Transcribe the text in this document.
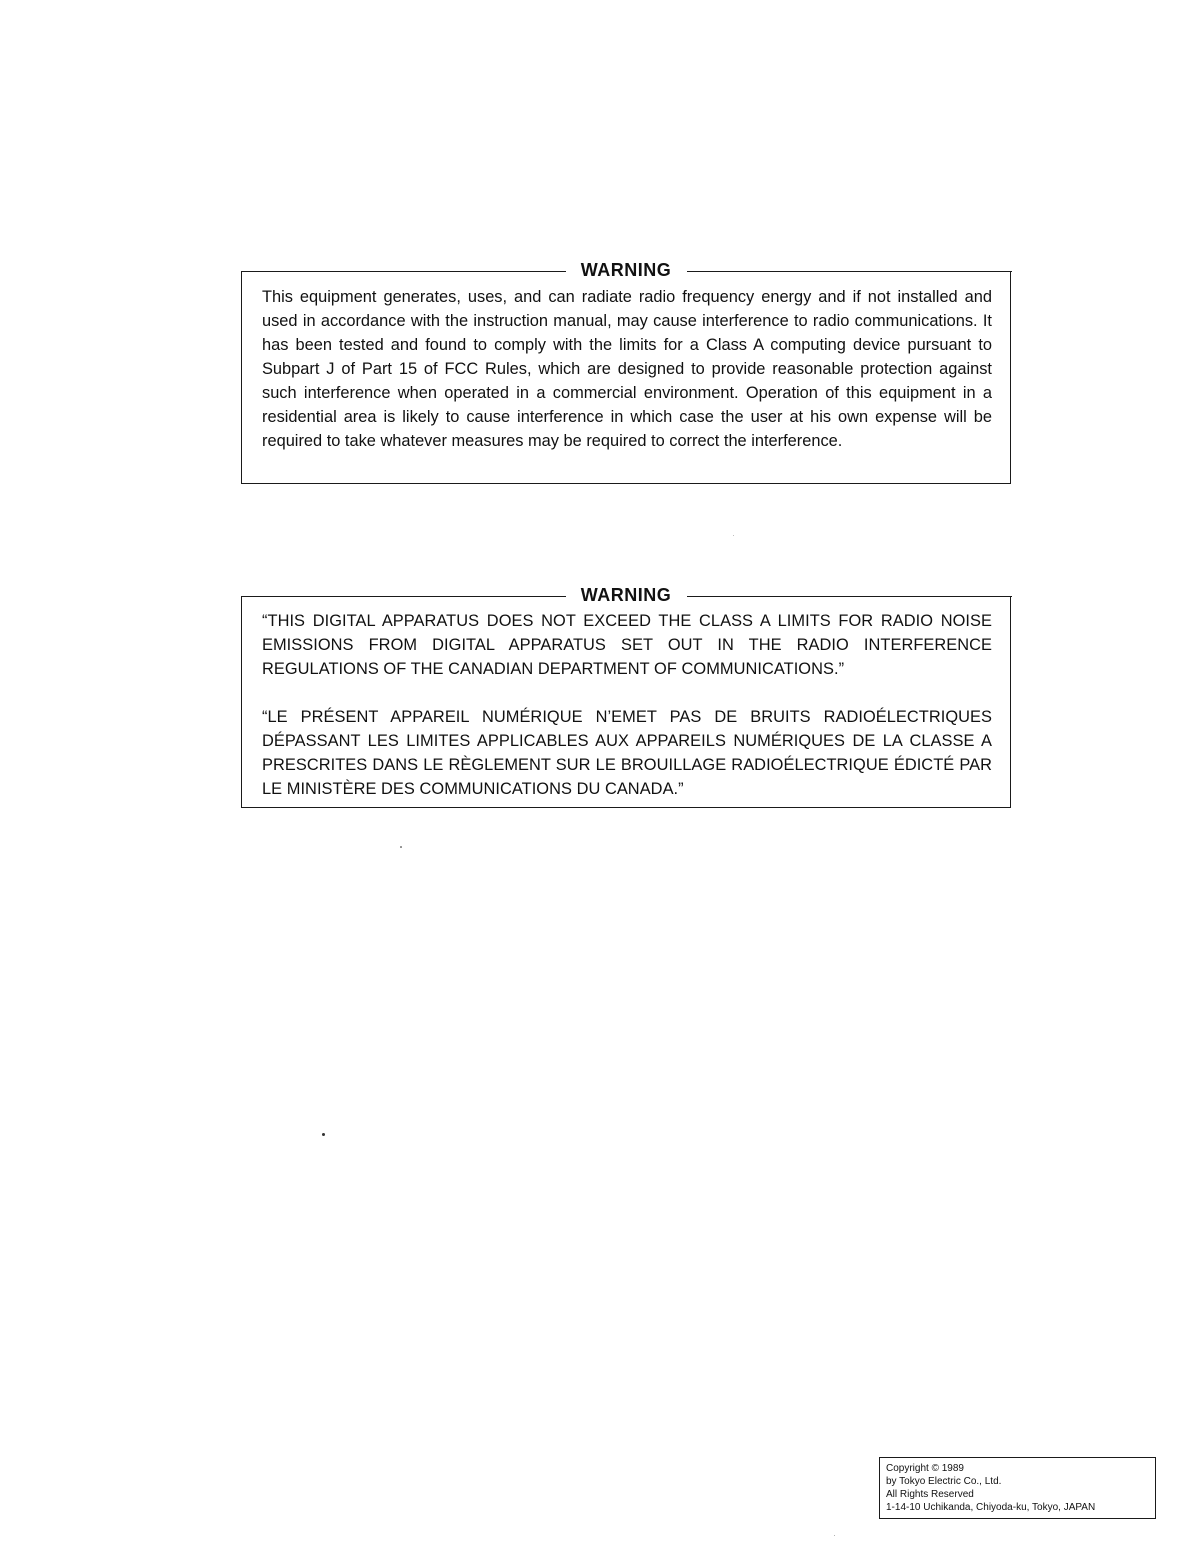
WARNING

This equipment generates, uses, and can radiate radio frequency energy and if not installed and used in accordance with the instruction manual, may cause interference to radio communications. It has been tested and found to comply with the limits for a Class A computing device pursuant to Subpart J of Part 15 of FCC Rules, which are designed to provide reasonable protection against such interference when operated in a commercial environment. Operation of this equipment in a residential area is likely to cause interference in which case the user at his own expense will be required to take whatever measures may be required to correct the interference.

WARNING

“THIS DIGITAL APPARATUS DOES NOT EXCEED THE CLASS A LIMITS FOR RADIO NOISE EMISSIONS FROM DIGITAL APPARATUS SET OUT IN THE RADIO INTERFERENCE REGULATIONS OF THE CANADIAN DEPARTMENT OF COMMUNICATIONS.”

“LE PRÉSENT APPAREIL NUMÉRIQUE N’EMET PAS DE BRUITS RADIOÉLECTRIQUES DÉPASSANT LES LIMITES APPLICABLES AUX APPAREILS NUMÉRIQUES DE LA CLASSE A PRESCRITES DANS LE RÈGLEMENT SUR LE BROUILLAGE RADIOÉLECTRIQUE ÉDICTÉ PAR LE MINISTÈRE DES COMMUNICATIONS DU CANADA.”

Copyright © 1989
by Tokyo Electric Co., Ltd.
All Rights Reserved
1-14-10 Uchikanda, Chiyoda-ku, Tokyo, JAPAN
